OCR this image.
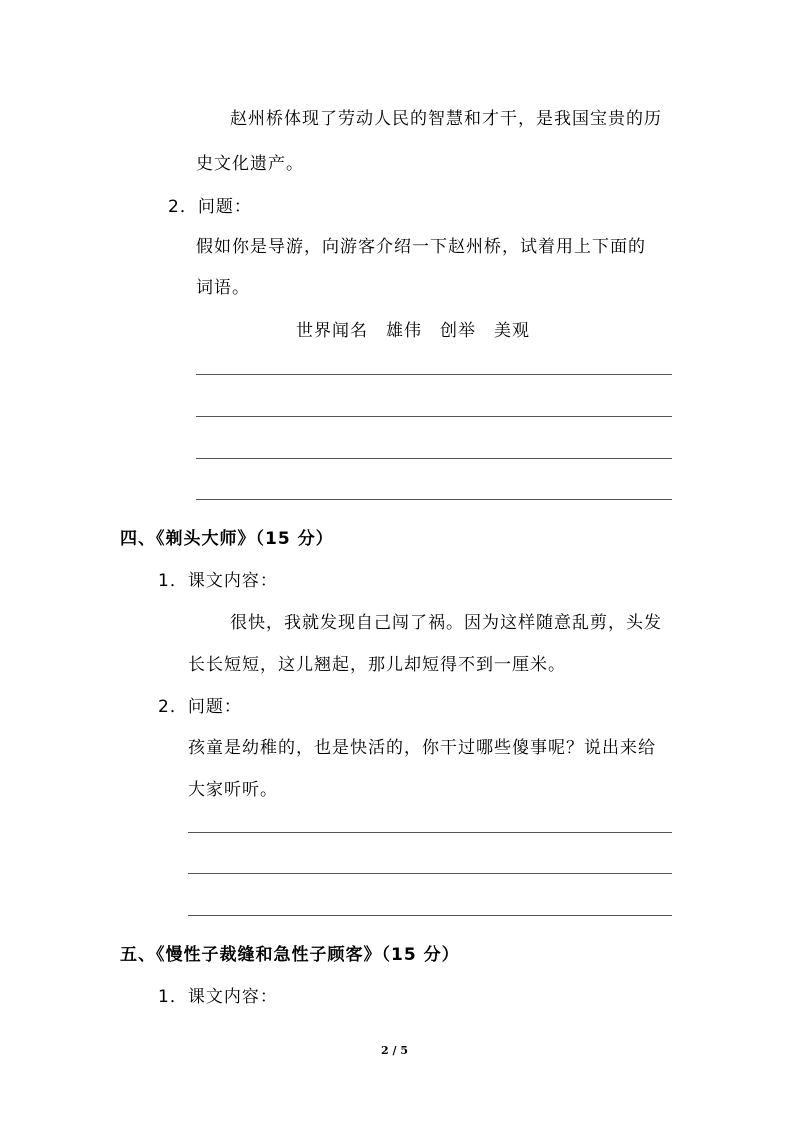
赵州桥体现了劳动人民的智慧和才干，是我国宝贵的历
史文化遗产。
2．问题：
假如你是导游，向游客介绍一下赵州桥，试着用上下面的
词语。
世界闻名　雄伟　创举　美观
四、《剃头大师》（15 分）
1．课文内容：
很快，我就发现自己闯了祸。因为这样随意乱剪，头发
长长短短，这儿翘起，那儿却短得不到一厘米。
2．问题：
孩童是幼稚的，也是快活的，你干过哪些傻事呢？说出来给
大家听听。
五、《慢性子裁缝和急性子顾客》（15 分）
1．课文内容：
2 / 5
